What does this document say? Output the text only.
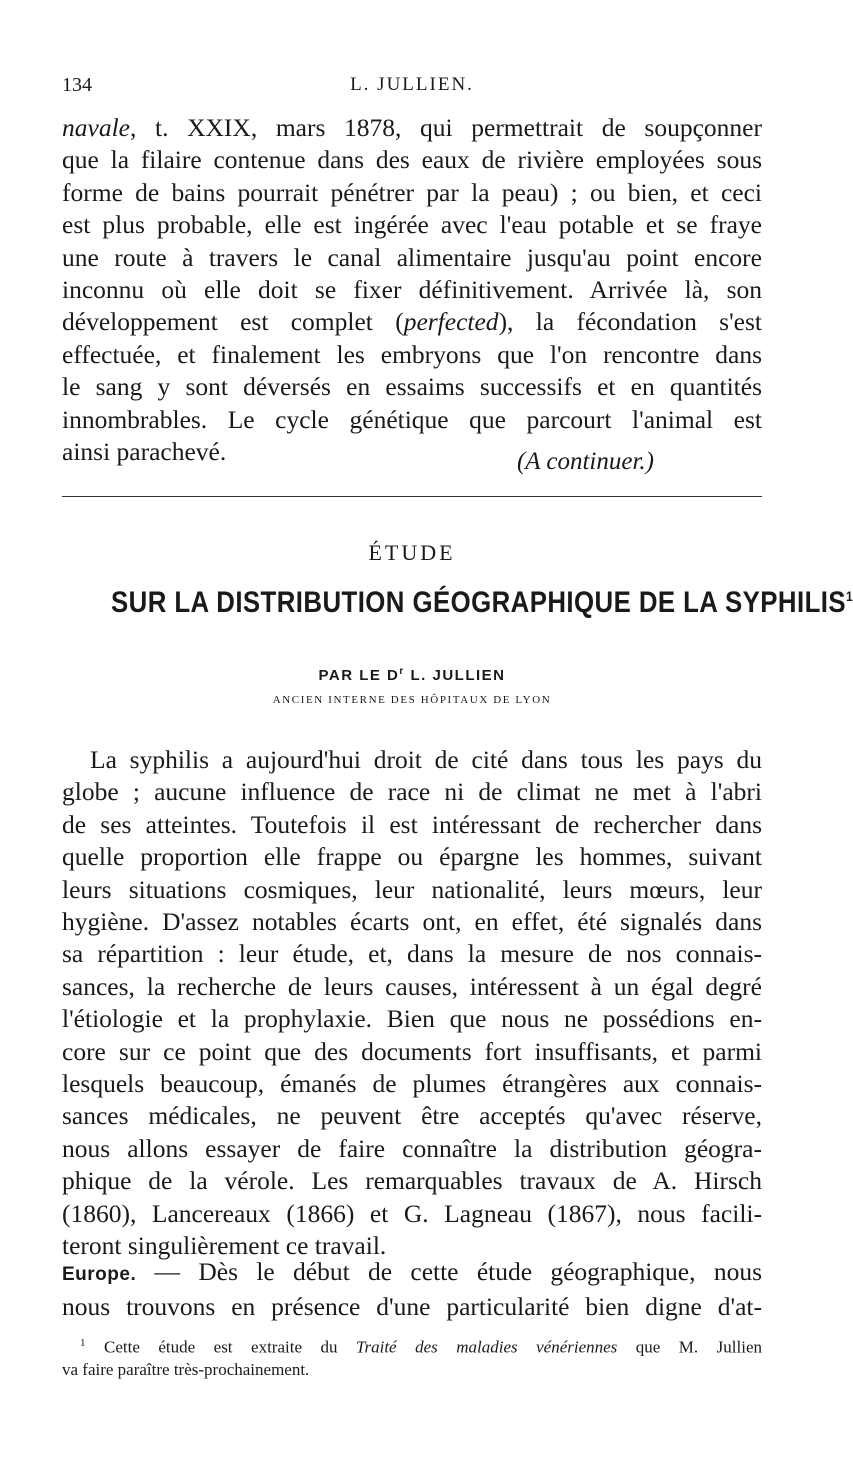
134	L. JULLIEN.

navale, t. XXIX, mars 1878, qui permettrait de soupçonner
que la filaire contenue dans des eaux de rivière employées sous
forme de bains pourrait pénétrer par la peau) ; ou bien, et ceci
est plus probable, elle est ingérée avec l'eau potable et se fraye
une route à travers le canal alimentaire jusqu'au point encore
inconnu où elle doit se fixer définitivement. Arrivée là, son
développement est complet (perfected), la fécondation s'est
effectuée, et finalement les embryons que l'on rencontre dans
le sang y sont déversés en essaims successifs et en quantités
innombrables. Le cycle génétique que parcourt l'animal est
ainsi parachevé.	(A continuer.)
ÉTUDE
SUR LA DISTRIBUTION GÉOGRAPHIQUE DE LA SYPHILIS$^1$
PAR LE $D^r$ L. JULLIEN
ANCIEN INTERNE DES HÔPITAUX DE LYON

La syphilis a aujourd'hui droit de cité dans tous les pays du
globe ; aucune influence de race ni de climat ne met à l'abri
de ses atteintes. Toutefois il est intéressant de rechercher dans
quelle proportion elle frappe ou épargne les hommes, suivant
leurs situations cosmiques, leur nationalité, leurs mœurs, leur
hygiène. D'assez notables écarts ont, en effet, été signalés dans
sa répartition : leur étude, et, dans la mesure de nos connais-
sances, la recherche de leurs causes, intéressent à un égal degré
l'étiologie et la prophylaxie. Bien que nous ne possédions en-
core sur ce point que des documents fort insuffisants, et parmi
lesquels beaucoup, émanés de plumes étrangères aux connais-
sances médicales, ne peuvent être acceptés qu'avec réserve,
nous allons essayer de faire connaître la distribution géogra-
phique de la vérole. Les remarquables travaux de A. Hirsch
(1860), Lancereaux (1866) et G. Lagneau (1867), nous facili-
teront singulièrement ce travail.

Europe. — Dès le début de cette étude géographique, nous
nous trouvons en présence d'une particularité bien digne d'at-

$^1$ Cette étude est extraite du Traité des maladies vénériennes que M. Jullien
va faire paraître très-prochainement.
